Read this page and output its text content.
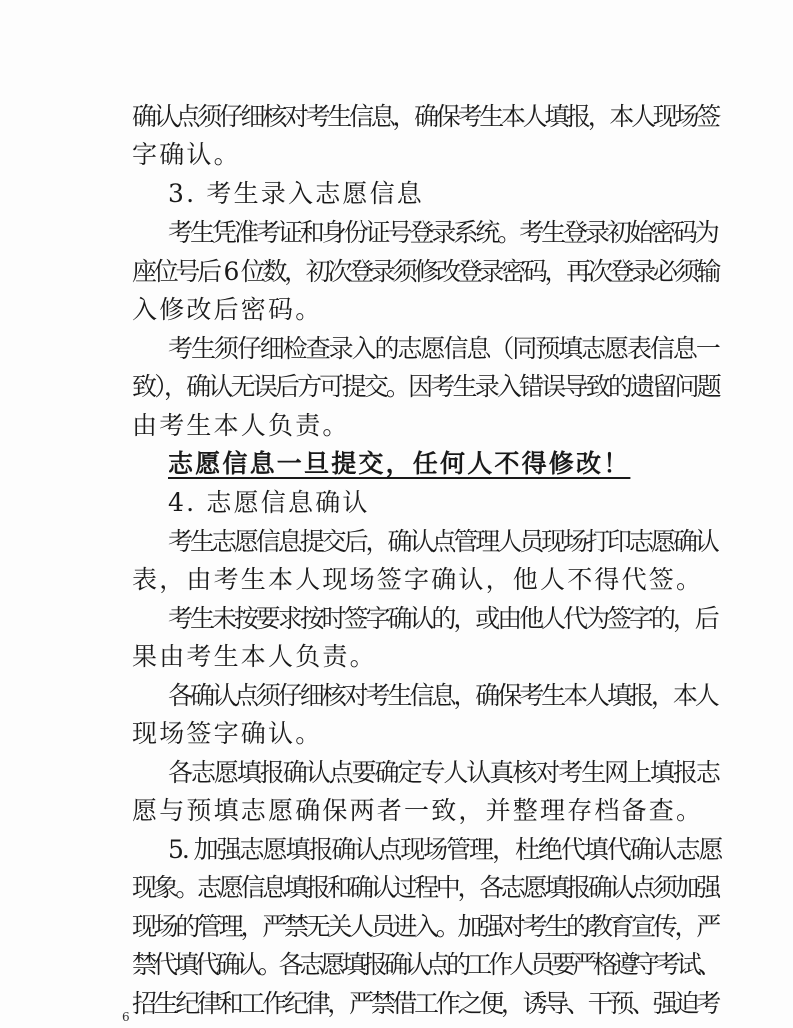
确认点须仔细核对考生信息，确保考生本人填报，本人现场签
字确认。
3. 考生录入志愿信息
考生凭准考证和身份证号登录系统。考生登录初始密码为
座位号后 6 位数，初次登录须修改登录密码，再次登录必须输
入修改后密码。
考生须仔细检查录入的志愿信息（同预填志愿表信息一
致），确认无误后方可提交。因考生录入错误导致的遗留问题
由考生本人负责。
志愿信息一旦提交，任何人不得修改！
4. 志愿信息确认
考生志愿信息提交后，确认点管理人员现场打印志愿确认
表，由考生本人现场签字确认，他人不得代签。
考生未按要求按时签字确认的，或由他人代为签字的，后
果由考生本人负责。
各确认点须仔细核对考生信息，确保考生本人填报，本人
现场签字确认。
各志愿填报确认点要确定专人认真核对考生网上填报志
愿与预填志愿确保两者一致，并整理存档备查。
5. 加强志愿填报确认点现场管理，杜绝代填代确认志愿
现象。志愿信息填报和确认过程中，各志愿填报确认点须加强
现场的管理，严禁无关人员进入。加强对考生的教育宣传，严
禁代填代确认。各志愿填报确认点的工作人员要严格遵守考试、
招生纪律和工作纪律，严禁借工作之便，诱导、干预、强迫考
6
